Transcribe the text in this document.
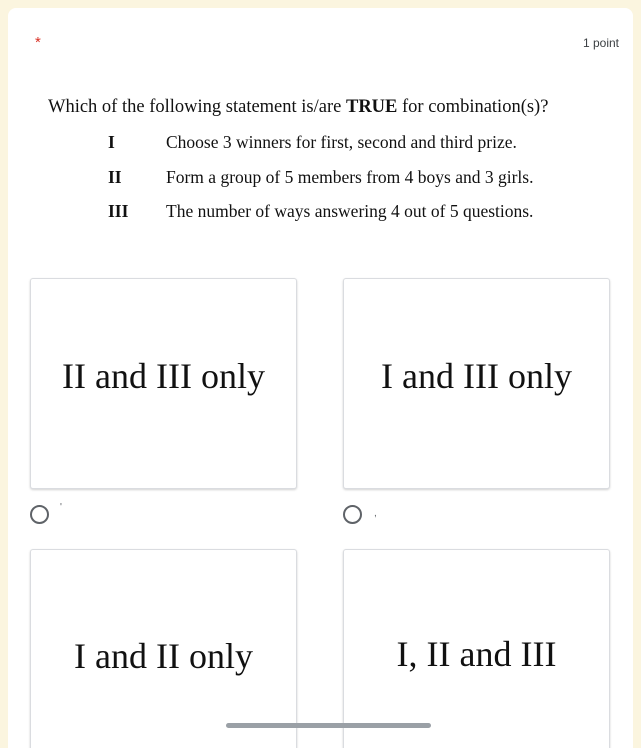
*	1 point
Which of the following statement is/are TRUE for combination(s)?
I	Choose 3 winners for first, second and third prize.
II	Form a group of 5 members from 4 boys and 3 girls.
III The number of ways answering 4 out of 5 questions.
II and III only	I and III only
'
,
I and II only	I, II and III
